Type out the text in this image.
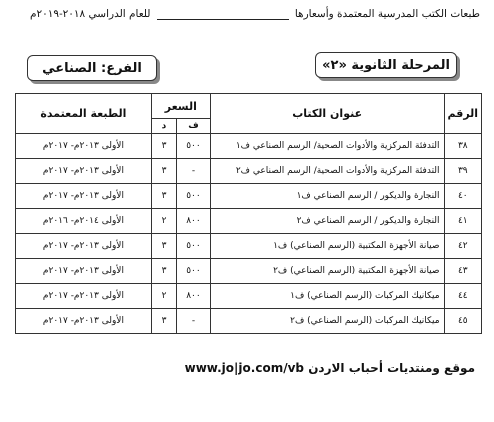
طبعات الكتب المدرسية المعتمدة وأسعارها
للعام الدراسي ٢٠١٨-٢٠١٩م
المرحلة الثانوية «٢»
الفرع: الصناعي
الرقم	عنوان الكتاب	السعر		الطبعة المعتمدة
		ف	د	
٣٨	التدفئة المركزية والأدوات الصحية/ الرسم الصناعي ف١	٥٠٠	٣	الأولى ٢٠١٣م- ٢٠١٧م
٣٩	التدفئة المركزية والأدوات الصحية/ الرسم الصناعي ف٢	-	٣	الأولى ٢٠١٣م- ٢٠١٧م
٤٠	النجارة والديكور / الرسم الصناعي ف١	٥٠٠	٣	الأولى ٢٠١٣م- ٢٠١٧م
٤١	النجارة والديكور / الرسم الصناعي ف٢	٨٠٠	٢	الأولى ٢٠١٤م- ٢٠١٦م
٤٢	صيانة الأجهزة المكتبية (الرسم الصناعي) ف١	٥٠٠	٣	الأولى ٢٠١٣م- ٢٠١٧م
٤٣	صيانة الأجهزة المكتبية (الرسم الصناعي) ف٢	٥٠٠	٣	الأولى ٢٠١٣م- ٢٠١٧م
٤٤	ميكانيك المركبات (الرسم الصناعي) ف١	٨٠٠	٢	الأولى ٢٠١٣م- ٢٠١٧م
٤٥	ميكانيك المركبات (الرسم الصناعي) ف٢	-	٣	الأولى ٢٠١٣م- ٢٠١٧م
موقع ومنتديات أحباب الاردن www.jo|jo.com/vb
